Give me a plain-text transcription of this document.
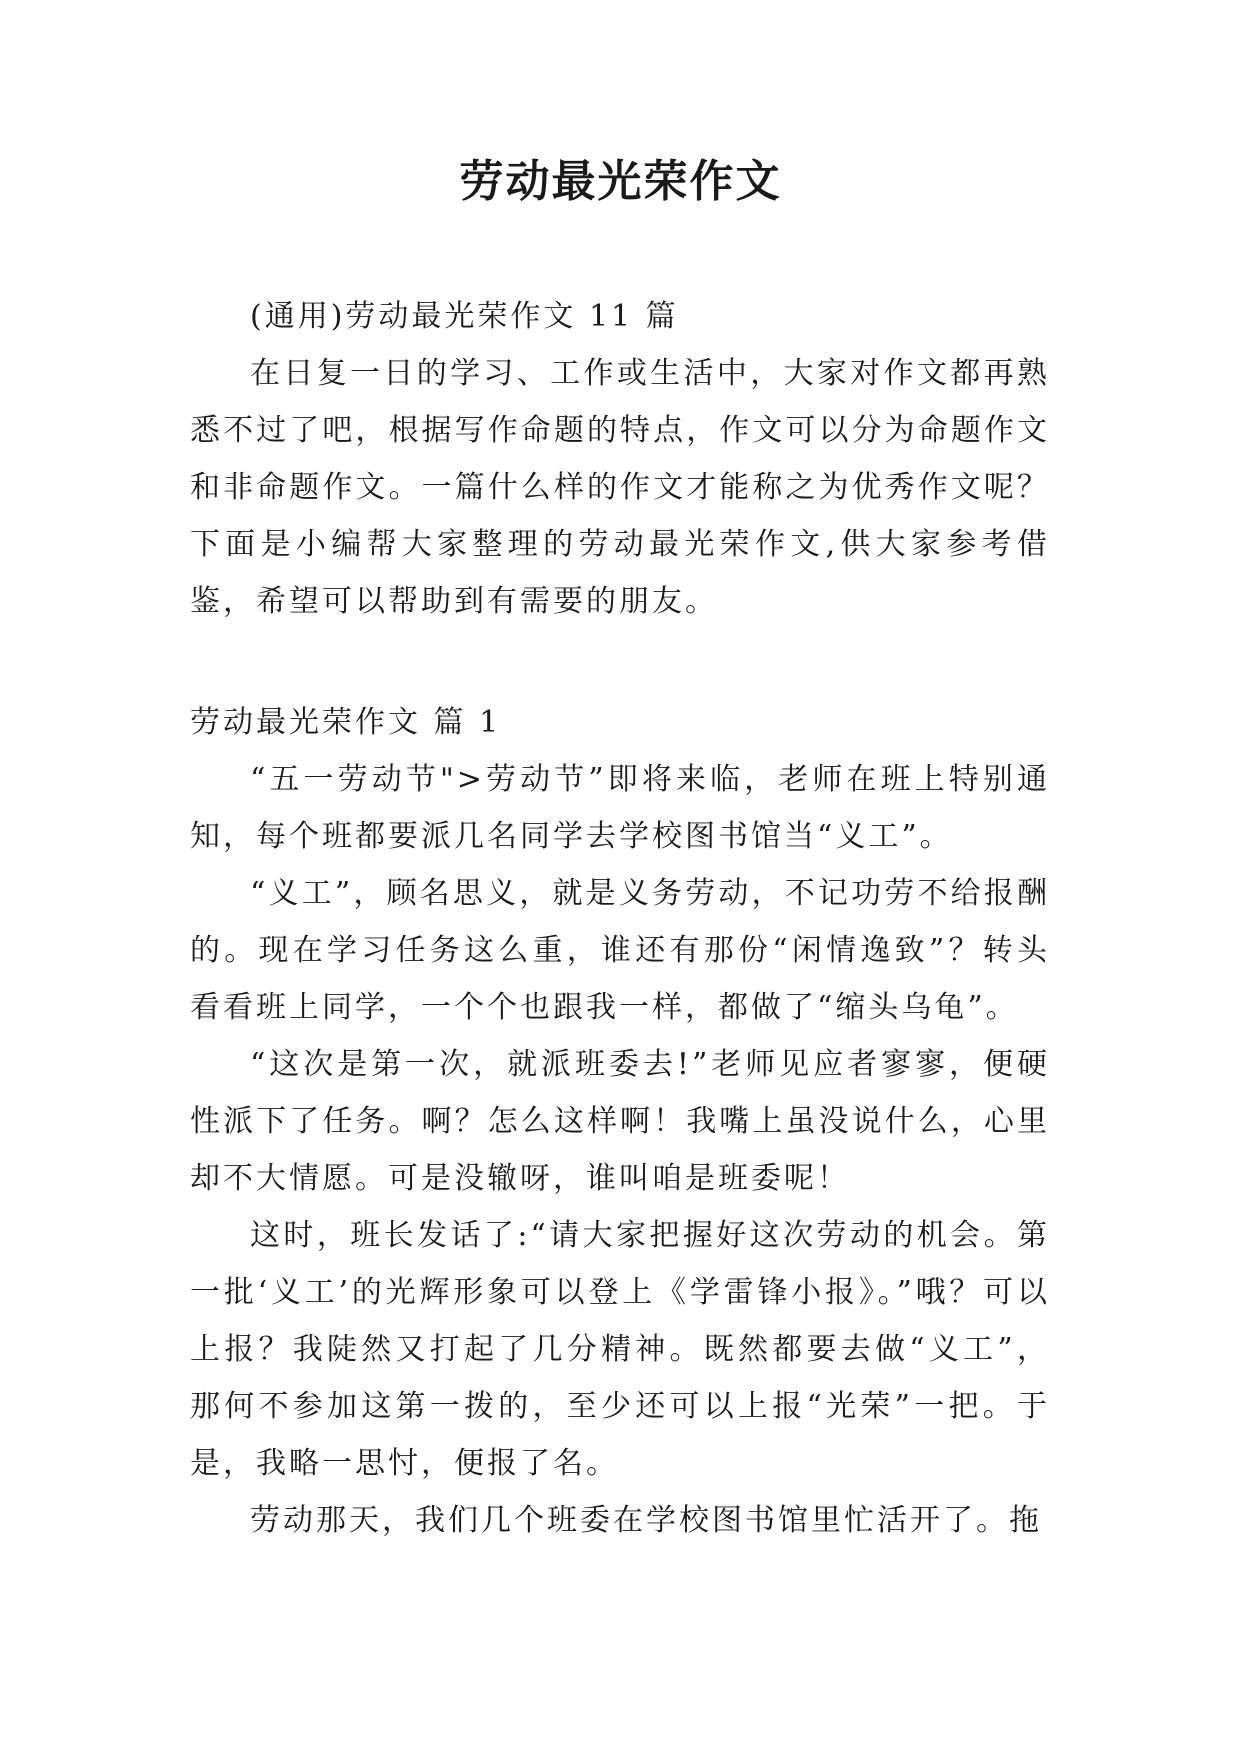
劳动最光荣作文

(通用)劳动最光荣作文 11 篇

在日复一日的学习、工作或生活中，大家对作文都再熟悉不过了吧，根据写作命题的特点，作文可以分为命题作文和非命题作文。一篇什么样的作文才能称之为优秀作文呢？下面是小编帮大家整理的劳动最光荣作文,供大家参考借鉴，希望可以帮助到有需要的朋友。

劳动最光荣作文 篇 1

“五一劳动节">劳动节”即将来临，老师在班上特别通知，每个班都要派几名同学去学校图书馆当“义工”。

“义工”，顾名思义，就是义务劳动，不记功劳不给报酬的。现在学习任务这么重，谁还有那份“闲情逸致”？转头看看班上同学，一个个也跟我一样，都做了“缩头乌龟”。

“这次是第一次，就派班委去!”老师见应者寥寥，便硬性派下了任务。啊？怎么这样啊！我嘴上虽没说什么，心里却不大情愿。可是没辙呀，谁叫咱是班委呢！

这时，班长发话了:“请大家把握好这次劳动的机会。第一批‘义工’的光辉形象可以登上《学雷锋小报》。”哦？可以上报？我陡然又打起了几分精神。既然都要去做“义工”，那何不参加这第一拨的，至少还可以上报“光荣”一把。于是，我略一思忖，便报了名。

劳动那天，我们几个班委在学校图书馆里忙活开了。拖
